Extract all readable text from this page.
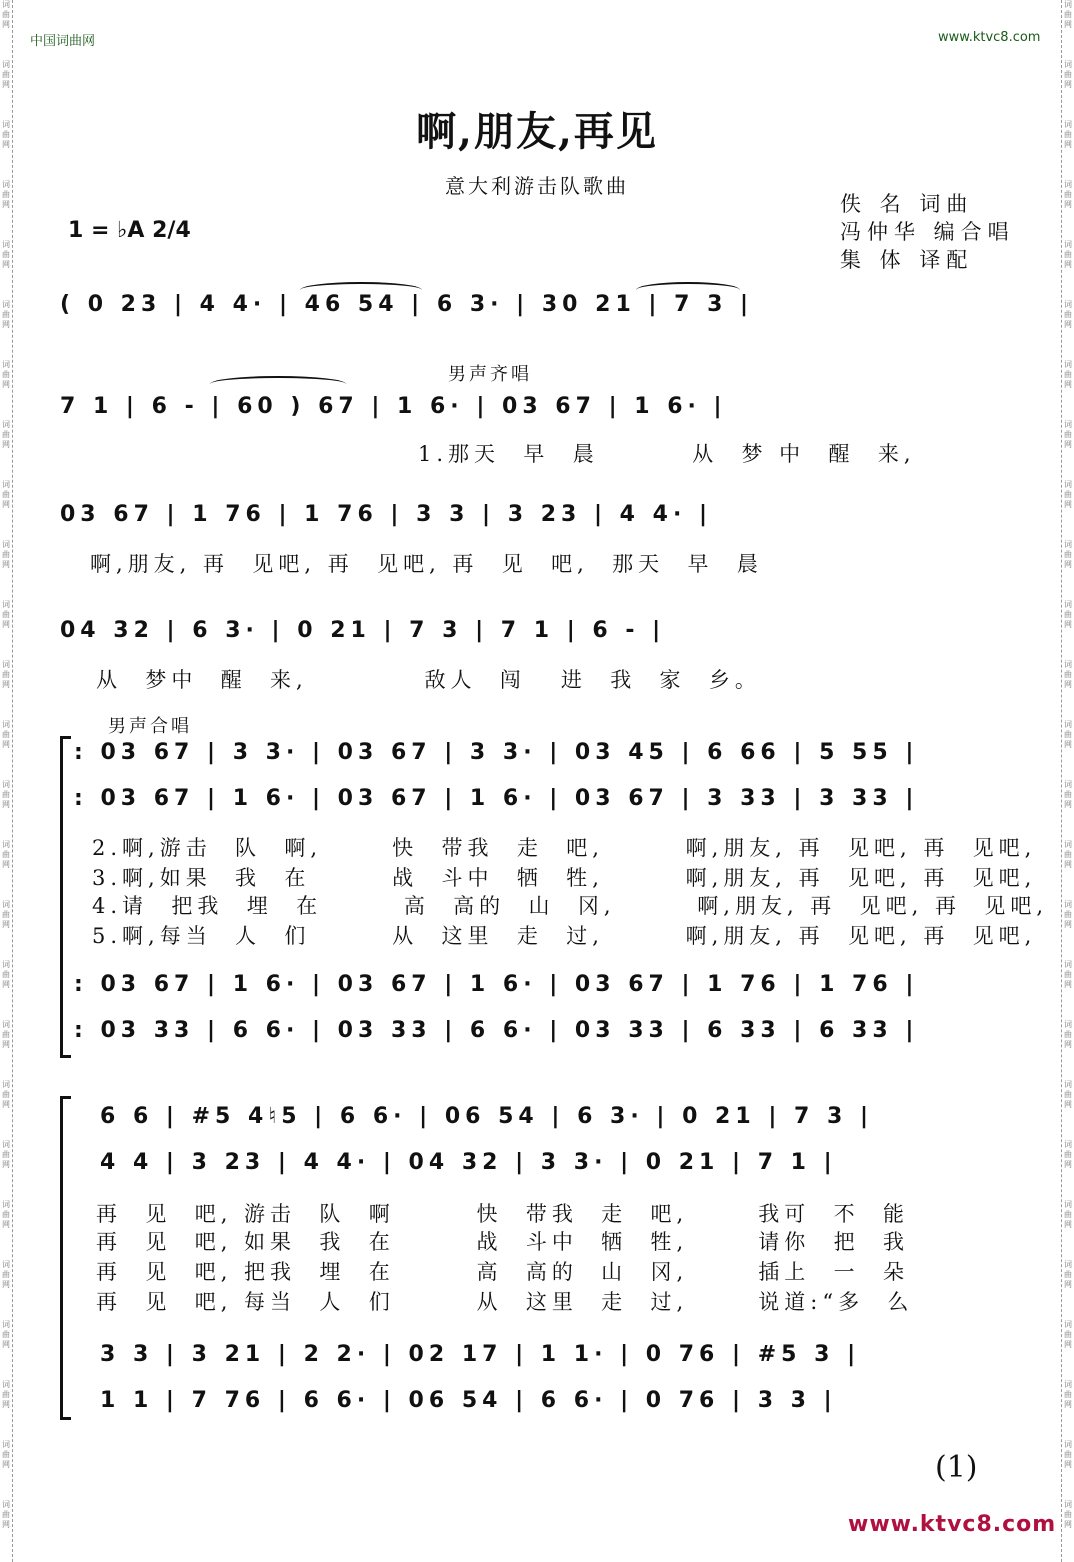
词曲网
词曲网
词曲网
词曲网
词曲网
词曲网
词曲网
词曲网
词曲网
词曲网
词曲网
词曲网
词曲网
词曲网
词曲网
词曲网
词曲网
词曲网
词曲网
词曲网
词曲网
词曲网
词曲网
词曲网
词曲网
词曲网
词曲网
词曲网
词曲网
词曲网
词曲网
词曲网
词曲网
词曲网
词曲网
词曲网
词曲网
词曲网
词曲网
词曲网
词曲网
词曲网
词曲网
词曲网
词曲网
词曲网
词曲网
词曲网
词曲网
词曲网
词曲网
词曲网
中国词曲网	www.ktvc8.com
啊,朋友,再见
意大利游击队歌曲
佚 名 词曲
冯仲华 编合唱
集 体 译配
1 = ♭A 2/4
( 0 23 | 4 4· | 46 54 | 6 3· | 30 21 | 7 3 |
男声齐唱
7 1 | 6 - | 60 ) 67 | 1 6· | 03 67 | 1 6· |
1.那天  早  晨        从  梦 中  醒  来,
03 67 | 1 76 | 1 76 | 3 3 | 3 23 | 4 4· |
啊,朋友, 再  见吧, 再  见吧, 再  见  吧,  那天  早  晨
04 32 | 6 3· | 0 21 | 7 3 | 7 1 | 6 - |
从  梦中  醒  来,          敌人  闯   进  我  家  乡。
男声合唱
: 03 67 | 3 3· | 03 67 | 3 3· | 03 45 | 6 66 | 5 55 |
: 03 67 | 1 6· | 03 67 | 1 6· | 03 67 | 3 33 | 3 33 |
2.啊,游击  队  啊,      快  带我  走  吧,       啊,朋友, 再  见吧, 再  见吧,
3.啊,如果  我  在       战  斗中  牺  牲,       啊,朋友, 再  见吧, 再  见吧,
4.请  把我  埋  在       高  高的  山  冈,       啊,朋友, 再  见吧, 再  见吧,
5.啊,每当  人  们       从  这里  走  过,       啊,朋友, 再  见吧, 再  见吧,
: 03 67 | 1 6· | 03 67 | 1 6· | 03 67 | 1 76 | 1 76 |
: 03 33 | 6 6· | 03 33 | 6 6· | 03 33 | 6 33 | 6 33 |
6 6 | #5 4♮5 | 6 6· | 06 54 | 6 3· | 0 21 | 7 3 |
4 4 | 3 23 | 4 4· | 04 32 | 3 3· | 0 21 | 7 1 |
再  见  吧, 游击  队  啊       快  带我  走  吧,      我可  不  能
再  见  吧, 如果  我  在       战  斗中  牺  牲,      请你  把  我
再  见  吧, 把我  埋  在       高  高的  山  冈,      插上  一  朵
再  见  吧, 每当  人  们       从  这里  走  过,      说道:“多  么
3 3 | 3 21 | 2 2· | 02 17 | 1 1· | 0 76 | #5 3 |
1 1 | 7 76 | 6 6· | 06 54 | 6 6· | 0 76 | 3 3 |
(1)
www.ktvc8.com
